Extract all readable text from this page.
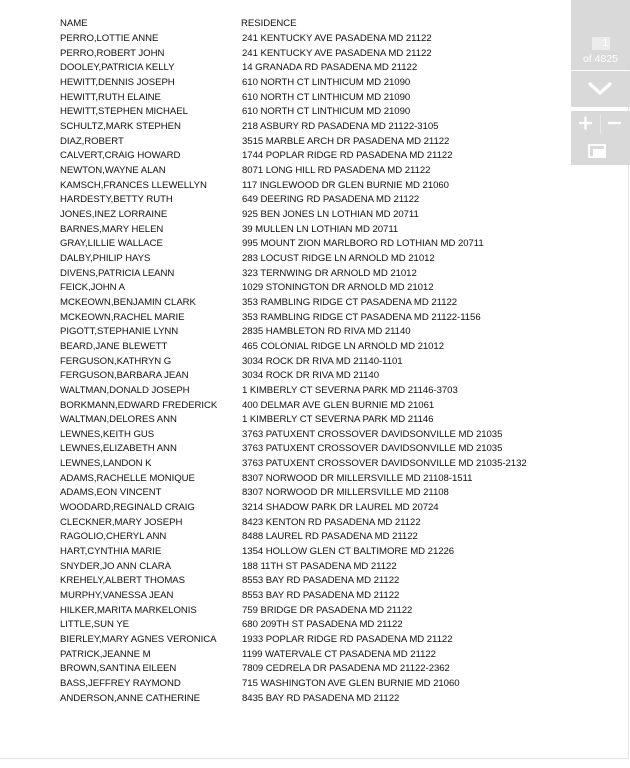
NAME	RESIDENCE
PERRO,LOTTIE ANNE	241 KENTUCKY AVE PASADENA MD 21122
PERRO,ROBERT JOHN	241 KENTUCKY AVE PASADENA MD 21122
DOOLEY,PATRICIA KELLY	14 GRANADA RD PASADENA MD 21122
HEWITT,DENNIS JOSEPH	610 NORTH CT LINTHICUM MD 21090
HEWITT,RUTH ELAINE	610 NORTH CT LINTHICUM MD 21090
HEWITT,STEPHEN MICHAEL	610 NORTH CT LINTHICUM MD 21090
SCHULTZ,MARK STEPHEN	218 ASBURY RD PASADENA MD 21122-3105
DIAZ,ROBERT	3515 MARBLE ARCH DR PASADENA MD 21122
CALVERT,CRAIG HOWARD	1744 POPLAR RIDGE RD PASADENA MD 21122
NEWTON,WAYNE ALAN	8071 LONG HILL RD PASADENA MD 21122
KAMSCH,FRANCES LLEWELLYN	117 INGLEWOOD DR GLEN BURNIE MD 21060
HARDESTY,BETTY RUTH	649 DEERING RD PASADENA MD 21122
JONES,INEZ LORRAINE	925 BEN JONES LN LOTHIAN MD 20711
BARNES,MARY HELEN	39 MULLEN LN LOTHIAN MD 20711
GRAY,LILLIE WALLACE	995 MOUNT ZION MARLBORO RD LOTHIAN MD 20711
DALBY,PHILIP HAYS	283 LOCUST RIDGE LN ARNOLD MD 21012
DIVENS,PATRICIA LEANN	323 TERNWING DR ARNOLD MD 21012
FEICK,JOHN A	1029 STONINGTON DR ARNOLD MD 21012
MCKEOWN,BENJAMIN CLARK	353 RAMBLING RIDGE CT PASADENA MD 21122
MCKEOWN,RACHEL MARIE	353 RAMBLING RIDGE CT PASADENA MD 21122-1156
PIGOTT,STEPHANIE LYNN	2835 HAMBLETON RD RIVA MD 21140
BEARD,JANE BLEWETT	465 COLONIAL RIDGE LN ARNOLD MD 21012
FERGUSON,KATHRYN G	3034 ROCK DR RIVA MD 21140-1101
FERGUSON,BARBARA JEAN	3034 ROCK DR RIVA MD 21140
WALTMAN,DONALD JOSEPH	1 KIMBERLY CT SEVERNA PARK MD 21146-3703
BORKMANN,EDWARD FREDERICK	400 DELMAR AVE GLEN BURNIE MD 21061
WALTMAN,DELORES ANN	1 KIMBERLY CT SEVERNA PARK MD 21146
LEWNES,KEITH GUS	3763 PATUXENT CROSSOVER DAVIDSONVILLE MD 21035
LEWNES,ELIZABETH ANN	3763 PATUXENT CROSSOVER DAVIDSONVILLE MD 21035
LEWNES,LANDON K	3763 PATUXENT CROSSOVER DAVIDSONVILLE MD 21035-2132
ADAMS,RACHELLE MONIQUE	8307 NORWOOD DR MILLERSVILLE MD 21108-1511
ADAMS,EON VINCENT	8307 NORWOOD DR MILLERSVILLE MD 21108
WOODARD,REGINALD CRAIG	3214 SHADOW PARK DR LAUREL MD 20724
CLECKNER,MARY JOSEPH	8423 KENTON RD PASADENA MD 21122
RAGOLIO,CHERYL ANN	8488 LAUREL RD PASADENA MD 21122
HART,CYNTHIA MARIE	1354 HOLLOW GLEN CT BALTIMORE MD 21226
SNYDER,JO ANN CLARA	188 11TH ST PASADENA MD 21122
KREHELY,ALBERT THOMAS	8553 BAY RD PASADENA MD 21122
MURPHY,VANESSA JEAN	8553 BAY RD PASADENA MD 21122
HILKER,MARITA MARKELONIS	759 BRIDGE DR PASADENA MD 21122
LITTLE,SUN YE	680 209TH ST PASADENA MD 21122
BIERLEY,MARY AGNES VERONICA	1933 POPLAR RIDGE RD PASADENA MD 21122
PATRICK,JEANNE M	1199 WATERVALE CT PASADENA MD 21122
BROWN,SANTINA EILEEN	7809 CEDRELA DR PASADENA MD 21122-2362
BASS,JEFFREY RAYMOND	715 WASHINGTON AVE GLEN BURNIE MD 21060
ANDERSON,ANNE CATHERINE	8435 BAY RD PASADENA MD 21122
1
of 4825
